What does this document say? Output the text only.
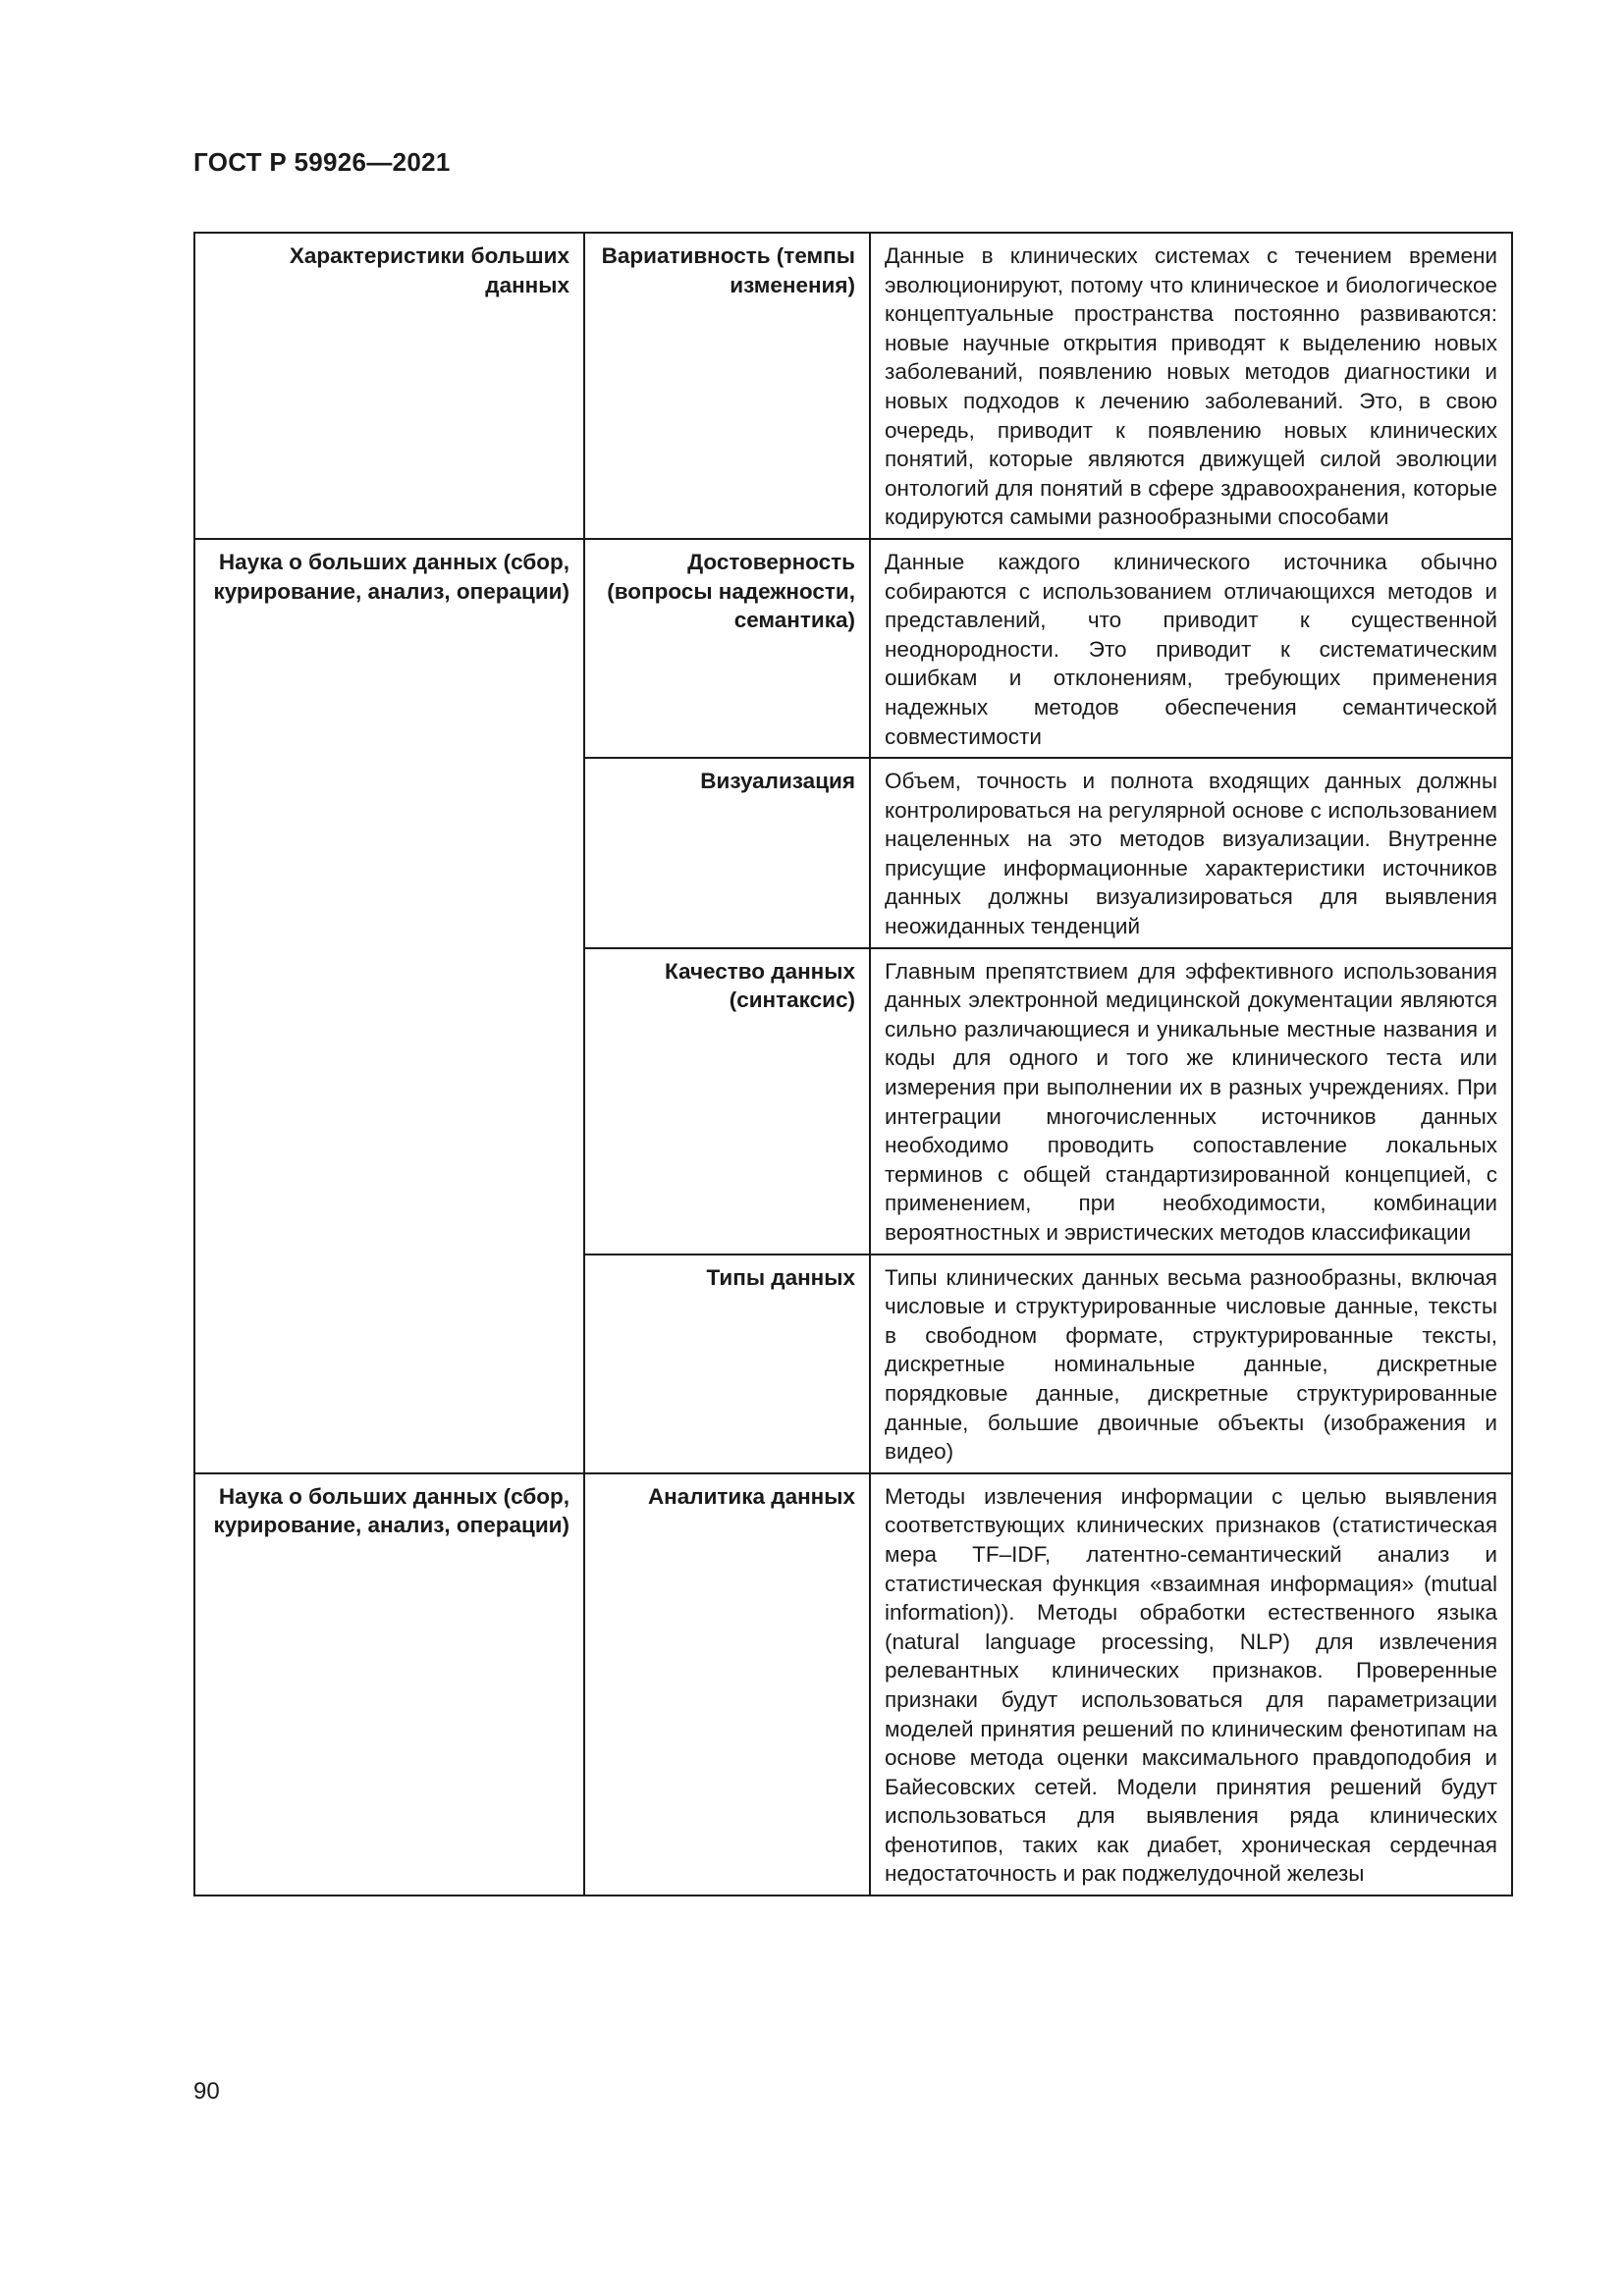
ГОСТ Р 59926—2021
Характеристики больших данных	Вариативность (темпы изменения)	Данные в клинических системах с течением времени эволюционируют, потому что клиническое и биологическое концептуальные пространства постоянно развиваются: новые научные открытия приводят к выделению новых заболеваний, появлению новых методов диагностики и новых подходов к лечению заболеваний. Это, в свою очередь, приводит к появлению новых клинических понятий, которые являются движущей силой эволюции онтологий для понятий в сфере здравоохранения, которые кодируются самыми разнообразными способами
Наука о больших данных (сбор, курирование, анализ, операции)	Достоверность (вопросы надежности, семантика)	Данные каждого клинического источника обычно собираются с использованием отличающихся методов и представлений, что приводит к существенной неоднородности. Это приводит к систематическим ошибкам и отклонениям, требующих применения надежных методов обеспечения семантической совместимости
	Визуализация	Объем, точность и полнота входящих данных должны контролироваться на регулярной основе с использованием нацеленных на это методов визуализации. Внутренне присущие информационные характеристики источников данных должны визуализироваться для выявления неожиданных тенденций
	Качество данных (синтаксис)	Главным препятствием для эффективного использования данных электронной медицинской документации являются сильно различающиеся и уникальные местные названия и коды для одного и того же клинического теста или измерения при выполнении их в разных учреждениях. При интеграции многочисленных источников данных необходимо проводить сопоставление локальных терминов с общей стандартизированной концепцией, с применением, при необходимости, комбинации вероятностных и эвристических методов классификации
	Типы данных	Типы клинических данных весьма разнообразны, включая числовые и структурированные числовые данные, тексты в свободном формате, структурированные тексты, дискретные номинальные данные, дискретные порядковые данные, дискретные структурированные данные, большие двоичные объекты (изображения и видео)
Наука о больших данных (сбор, курирование, анализ, операции)	Аналитика данных	Методы извлечения информации с целью выявления соответствующих клинических признаков (статистическая мера TF–IDF, латентно-семантический анализ и статистическая функция «взаимная информация» (mutual information)). Методы обработки естественного языка (natural language processing, NLP) для извлечения релевантных клинических признаков. Проверенные признаки будут использоваться для параметризации моделей принятия решений по клиническим фенотипам на основе метода оценки максимального правдоподобия и Байесовских сетей. Модели принятия решений будут использоваться для выявления ряда клинических фенотипов, таких как диабет, хроническая сердечная недостаточность и рак поджелудочной железы
90
